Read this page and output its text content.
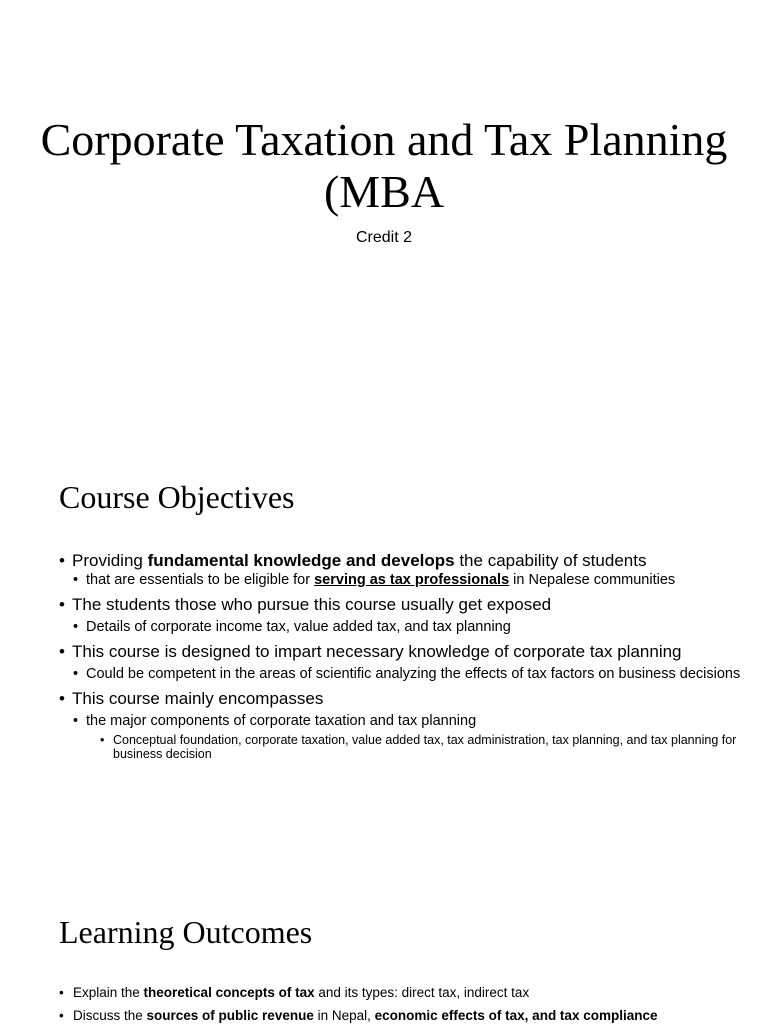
Corporate Taxation and Tax Planning (MBA

Credit 2

Course Objectives
• Providing fundamental knowledge and develops the capability of students
• that are essentials to be eligible for serving as tax professionals in Nepalese communities
• The students those who pursue this course usually get exposed
• Details of corporate income tax, value added tax, and tax planning
• This course is designed to impart necessary knowledge of corporate tax planning
• Could be competent in the areas of scientific analyzing the effects of tax factors on business decisions
• This course mainly encompasses
• the major components of corporate taxation and tax planning
• Conceptual foundation, corporate taxation, value added tax, tax administration, tax planning, and tax planning for business decision
Learning Outcomes
• Explain the theoretical concepts of tax and its types: direct tax, indirect tax
• Discuss the sources of public revenue in Nepal, economic effects of tax, and tax compliance
